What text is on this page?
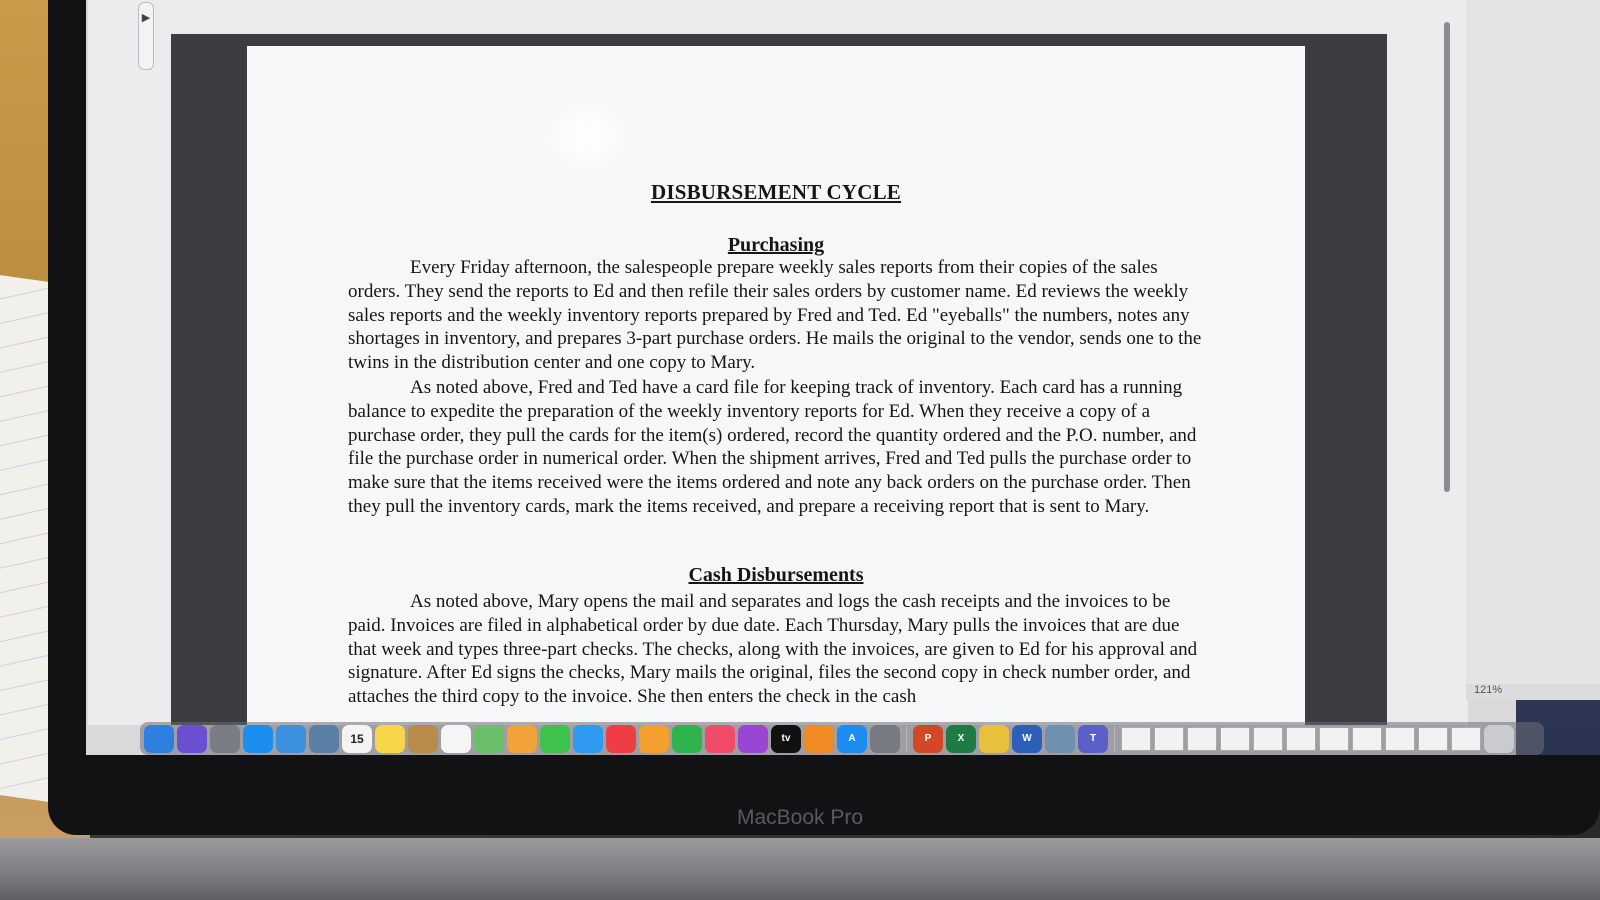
MacBook Pro
▶
DISBURSEMENT CYCLE
Purchasing
Every Friday afternoon, the salespeople prepare weekly sales reports from their copies of the sales orders. They send the reports to Ed and then refile their sales orders by customer name. Ed reviews the weekly sales reports and the weekly inventory reports prepared by Fred and Ted. Ed "eyeballs" the numbers, notes any shortages in inventory, and prepares 3-part purchase orders. He mails the original to the vendor, sends one to the twins in the distribution center and one copy to Mary.
As noted above, Fred and Ted have a card file for keeping track of inventory. Each card has a running balance to expedite the preparation of the weekly inventory reports for Ed. When they receive a copy of a purchase order, they pull the cards for the item(s) ordered, record the quantity ordered and the P.O. number, and file the purchase order in numerical order. When the shipment arrives, Fred and Ted pulls the purchase order to make sure that the items received were the items ordered and note any back orders on the purchase order. Then they pull the inventory cards, mark the items received, and prepare a receiving report that is sent to Mary.
Cash Disbursements
As noted above, Mary opens the mail and separates and logs the cash receipts and the invoices to be paid. Invoices are filed in alphabetical order by due date. Each Thursday, Mary pulls the invoices that are due that week and types three-part checks. The checks, along with the invoices, are given to Ed for his approval and signature. After Ed signs the checks, Mary mails the original, files the second copy in check number order, and attaches the third copy to the invoice. She then enters the check in the cash	121%
15	tv	A	P	X	W	T
